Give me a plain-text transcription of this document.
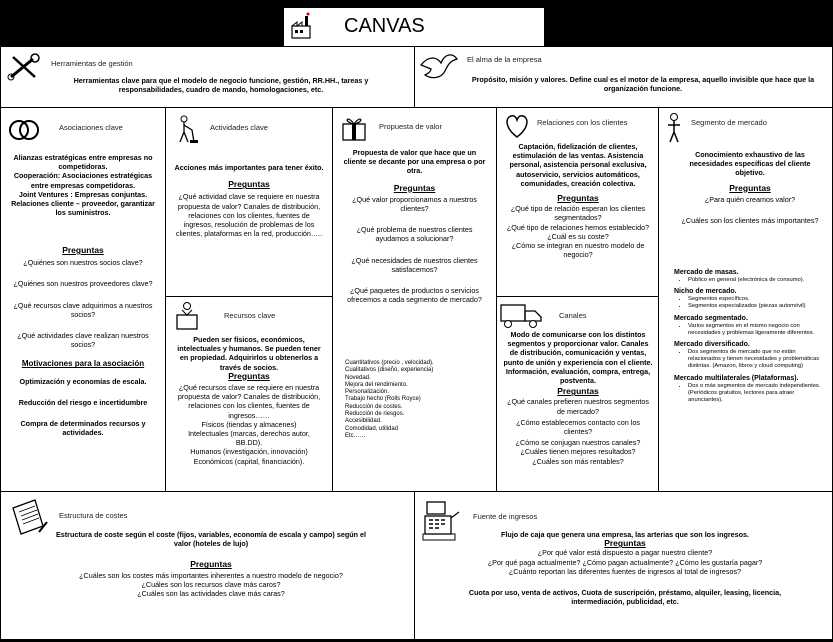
CANVAS
Herramientas de gestión
Herramientas clave para que el modelo de negocio funcione, gestión, RR.HH., tareas y responsabilidades, cuadro de mando, homologaciones, etc.
El alma de la empresa
Propósito, misión y valores. Define cual es el motor de la empresa, aquello invisible que hace que la organización funcione.
Asociaciones clave

Alianzas estratégicas entre empresas no competidoras.

Cooperación: Asociaciones estratégicas entre empresas competidoras.

Joint Ventures : Empresas conjuntas.

Relaciones cliente – proveedor, garantizar los suministros.

Preguntas

¿Quiénes son nuestros socios clave?

¿Quiénes son nuestros proveedores clave?

¿Qué recursos clave adquirimos a nuestros socios?

¿Qué actividades clave realizan nuestros socios?

Motivaciones para la asociación

Optimización y economías de escala.

Reducción del riesgo e incertidumbre

Compra de determinados recursos y actividades.

Actividades clave

Acciones más importantes para tener éxito.

Preguntas

¿Qué actividad clave se requiere en nuestra propuesta de valor? Canales de distribución, relaciones con los clientes, fuentes de ingresos, resolución de problemas de los clientes, plataformas en la red, producción…..

Recursos clave

Pueden ser físicos, económicos, intelectuales y humanos. Se pueden tener en propiedad. Adquirirlos u obtenerlos a través de socios.

Preguntas

¿Qué recursos clave se requiere en nuestra propuesta de valor? Canales de distribución, relaciones con los clientes, fuentes de ingresos……

Físicos (tiendas y almacenes)

Intelectuales (marcas, derechos autor, BB.DD).

Humanos (investigación, innovación)

Económicos (capital, financiación).

Propuesta de valor

Propuesta de valor que hace que un cliente se decante por una empresa o por otra.

Preguntas

¿Qué valor proporcionamos a nuestros clientes?

¿Qué problema de nuestros clientes ayudamos a solucionar?

¿Qué necesidades de nuestros clientes satisfacemos?

¿Qué paquetes de productos o servicios ofrecemos a cada segmento de mercado?

Cuantitativos (precio , velocidad).
Cualitativos (diseño, experiencia)
Novedad.
Mejora del rendimiento.
Personalización.
Trabajo hecho (Rolls Royce)
Reducción de costes.
Reducción de riesgos.
Accesibilidad.
Comodidad, utilidad
Etc……
Relaciones con los clientes

Captación, fidelización de clientes, estimulación de las ventas. Asistencia personal, asistencia personal exclusiva, autoservicio, servicios automáticos, comunidades, creación colectiva.

Preguntas

¿Qué tipo de relación esperan los clientes segmentados?

¿Qué tipo de relaciones hemos establecido?

¿Cuál es su coste?

¿Cómo se integran en nuestro modelo de negocio?

Canales

Modo de comunicarse con los distintos segmentos y proporcionar valor. Canales de distribución, comunicación y ventas, punto de unión y experiencia con el cliente. Información, evaluación, compra, entrega, postventa.

Preguntas

¿Qué canales prefieren nuestros segmentos de mercado?

¿Cómo establecemos contacto con los clientes?

¿Cómo se conjugan nuestros canales?

¿Cuáles tienen mejores resultados?

¿Cuáles son más rentables?

Segmento de mercado

Conocimiento exhaustivo de las necesidades específicas del cliente objetivo.

Preguntas

¿Para quién creamos valor?

¿Cuáles son los clientes más importantes?

Mercado de masas.
• Público en general (electrónica de consumo).
Nicho de mercado.
• Segmentos específicos.
• Segmentos especializados (piezas automóvil)
Mercado segmentado.
• Varios segmentos en el mismo negocio con necesidades y problemas ligeramente diferentes.
Mercado diversificado.
• Dos segmentos de mercado que no están relacionados y tienen necesidades y problemáticas distintas. (Amazon, libros y cloud computing)
Mercado multilaterales (Plataformas).
• Dos o más segmentos de mercado independientes. (Periódicos gratuitos, lectores para atraer anunciantes).
Estructura de costes

Estructura de coste según el coste (fijos, variables, economía de escala y campo) según el valor (hoteles de lujo)

Preguntas

¿Cuáles son los costes más importantes inherentes a nuestro modelo de negocio?

¿Cuáles son los recursos clave más caros?

¿Cuáles son las actividades clave más caras?

Fuente de ingresos

Flujo de caja que genera una empresa, las arterias que son los ingresos.

Preguntas

¿Por qué valor está dispuesto a pagar nuestro cliente?

¿Por qué paga actualmente? ¿Cómo pagan actualmente? ¿Cómo les gustaría pagar?

¿Cuánto reportan las diferentes fuentes de ingresos al total de ingresos?

Cuota por uso, venta de activos, Cuota de suscripción, préstamo, alquiler, leasing, licencia, intermediación, publicidad, etc.
